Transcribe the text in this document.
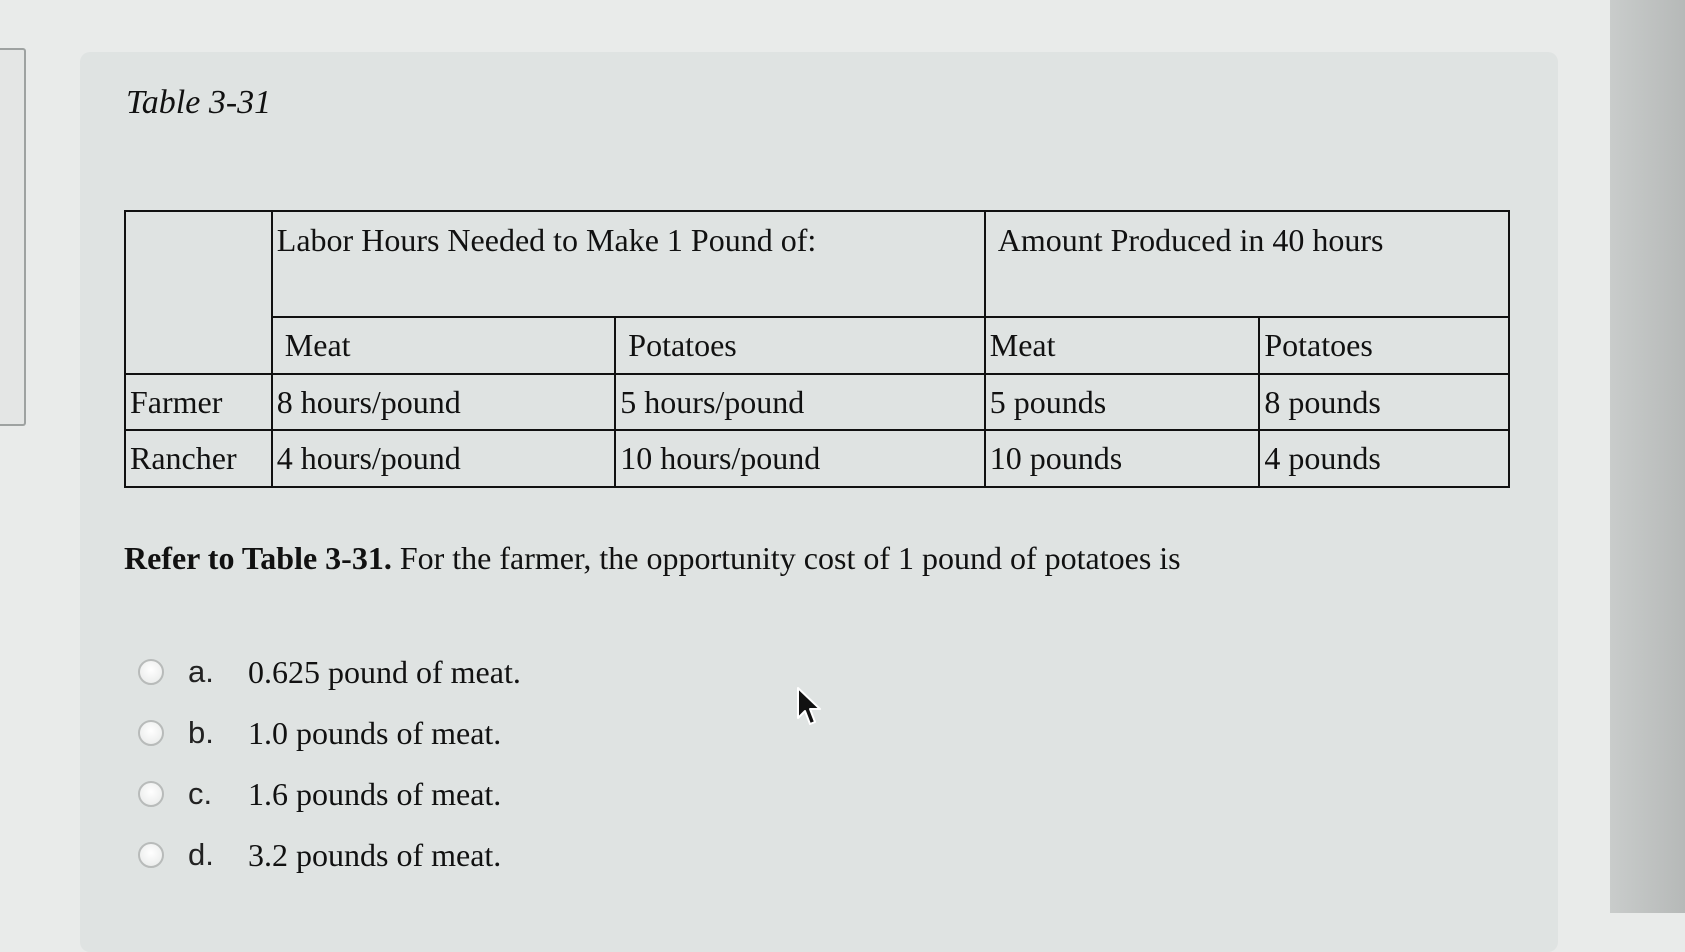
Table 3-31
	Labor Hours Needed to Make 1 Pound of:		Amount Produced in 40 hours	
	Meat	Potatoes	Meat	Potatoes
Farmer	8 hours/pound	5 hours/pound	5 pounds	8 pounds
Rancher	4 hours/pound	10 hours/pound	10 pounds	4 pounds
Refer to Table 3-31. For the farmer, the opportunity cost of 1 pound of potatoes is
a.	0.625 pound of meat.
b.	1.0 pounds of meat.
c.	1.6 pounds of meat.
d.	3.2 pounds of meat.
